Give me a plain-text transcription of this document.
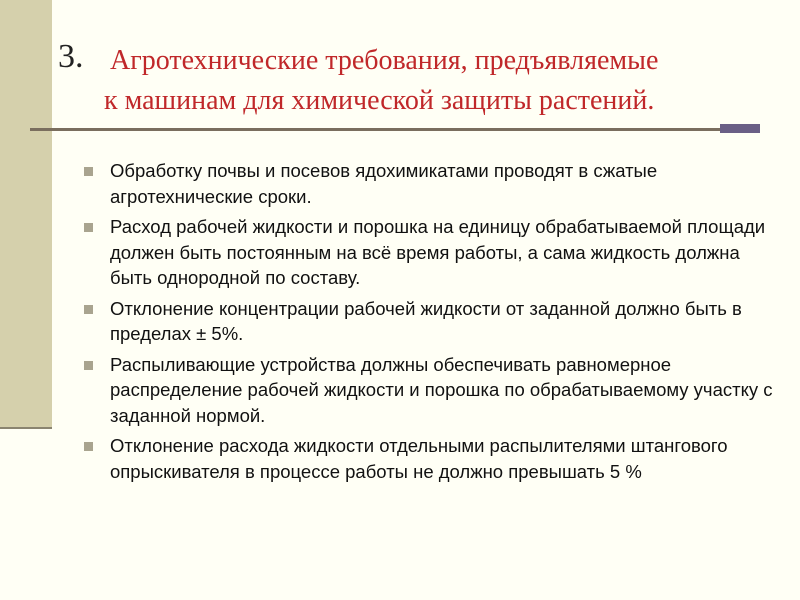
3. Агротехнические требования, предъявляемые
к машинам для химической защиты растений.
Обработку почвы и посевов ядохимикатами проводят в сжатые агротехнические сроки.
Расход рабочей жидкости и порошка на единицу обрабатываемой площади должен быть постоянным на всё время работы, а сама жидкость должна быть однородной по составу.
Отклонение концентрации рабочей жидкости от заданной должно быть в пределах ± 5%.
Распыливающие устройства должны обеспечивать равномерное распределение рабочей жидкости и порошка по обрабатываемому участку с заданной нормой.
Отклонение расхода жидкости отдельными распылителями штангового опрыскивателя в процессе работы не должно превышать 5 %
